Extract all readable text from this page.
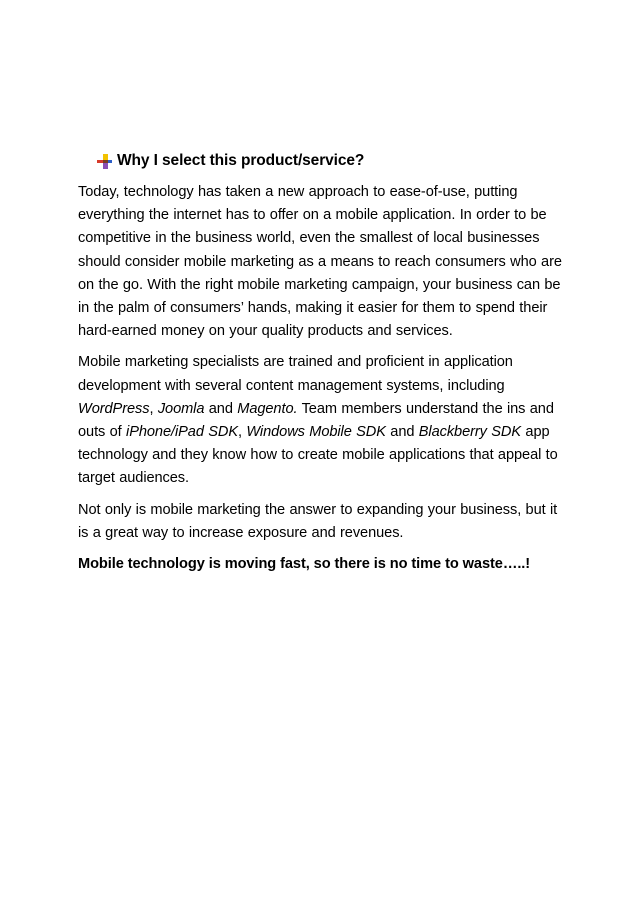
Why I select this product/service?

Today, technology has taken a new approach to ease-of-use, putting everything the internet has to offer on a mobile application. In order to be competitive in the business world, even the smallest of local businesses should consider mobile marketing as a means to reach consumers who are on the go. With the right mobile marketing campaign, your business can be in the palm of consumers’ hands, making it easier for them to spend their hard-earned money on your quality products and services.

Mobile marketing specialists are trained and proficient in application development with several content management systems, including WordPress, Joomla and Magento. Team members understand the ins and outs of iPhone/iPad SDK, Windows Mobile SDK and Blackberry SDK app technology and they know how to create mobile applications that appeal to target audiences.

Not only is mobile marketing the answer to expanding your business, but it is a great way to increase exposure and revenues.

Mobile technology is moving fast, so there is no time to waste…..!
